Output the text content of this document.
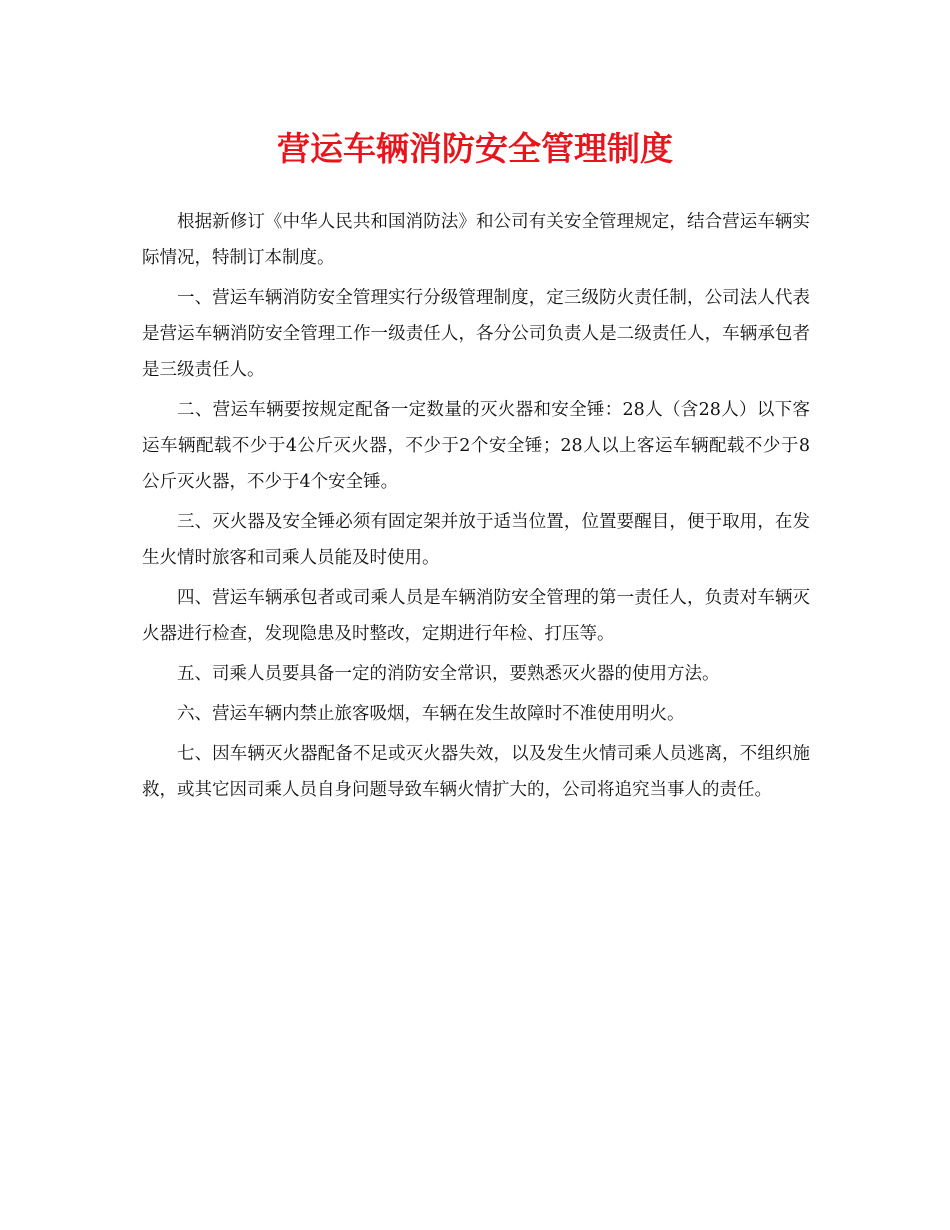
营运车辆消防安全管理制度

根据新修订《中华人民共和国消防法》和公司有关安全管理规定，结合营运车辆实际情况，特制订本制度。

一、营运车辆消防安全管理实行分级管理制度，定三级防火责任制，公司法人代表是营运车辆消防安全管理工作一级责任人，各分公司负责人是二级责任人，车辆承包者是三级责任人。

二、营运车辆要按规定配备一定数量的灭火器和安全锤：28人（含28人）以下客运车辆配载不少于4公斤灭火器，不少于2个安全锤；28人以上客运车辆配载不少于8公斤灭火器，不少于4个安全锤。

三、灭火器及安全锤必须有固定架并放于适当位置，位置要醒目，便于取用，在发生火情时旅客和司乘人员能及时使用。

四、营运车辆承包者或司乘人员是车辆消防安全管理的第一责任人，负责对车辆灭火器进行检查，发现隐患及时整改，定期进行年检、打压等。

五、司乘人员要具备一定的消防安全常识，要熟悉灭火器的使用方法。

六、营运车辆内禁止旅客吸烟，车辆在发生故障时不准使用明火。

七、因车辆灭火器配备不足或灭火器失效，以及发生火情司乘人员逃离，不组织施救，或其它因司乘人员自身问题导致车辆火情扩大的，公司将追究当事人的责任。
